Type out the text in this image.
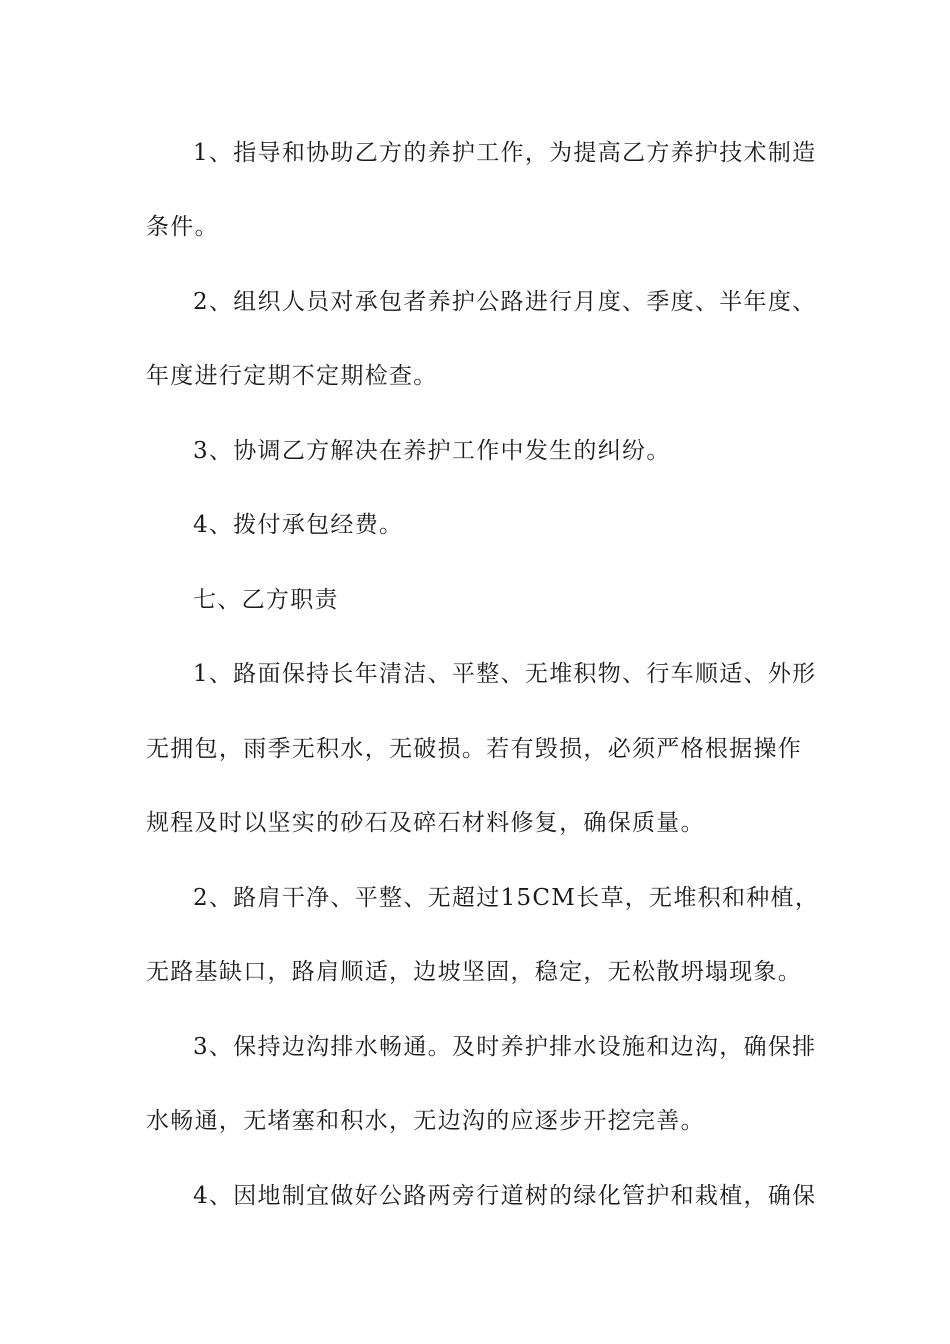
1、指导和协助乙方的养护工作，为提高乙方养护技术制造
条件。
2、组织人员对承包者养护公路进行月度、季度、半年度、
年度进行定期不定期检查。
3、协调乙方解决在养护工作中发生的纠纷。
4、拨付承包经费。
七、乙方职责
1、路面保持长年清洁、平整、无堆积物、行车顺适、外形
无拥包，雨季无积水，无破损。若有毁损，必须严格根据操作
规程及时以坚实的砂石及碎石材料修复，确保质量。
2、路肩干净、平整、无超过15CM长草，无堆积和种植，
无路基缺口，路肩顺适，边坡坚固，稳定，无松散坍塌现象。
3、保持边沟排水畅通。及时养护排水设施和边沟，确保排
水畅通，无堵塞和积水，无边沟的应逐步开挖完善。
4、因地制宜做好公路两旁行道树的绿化管护和栽植，确保
